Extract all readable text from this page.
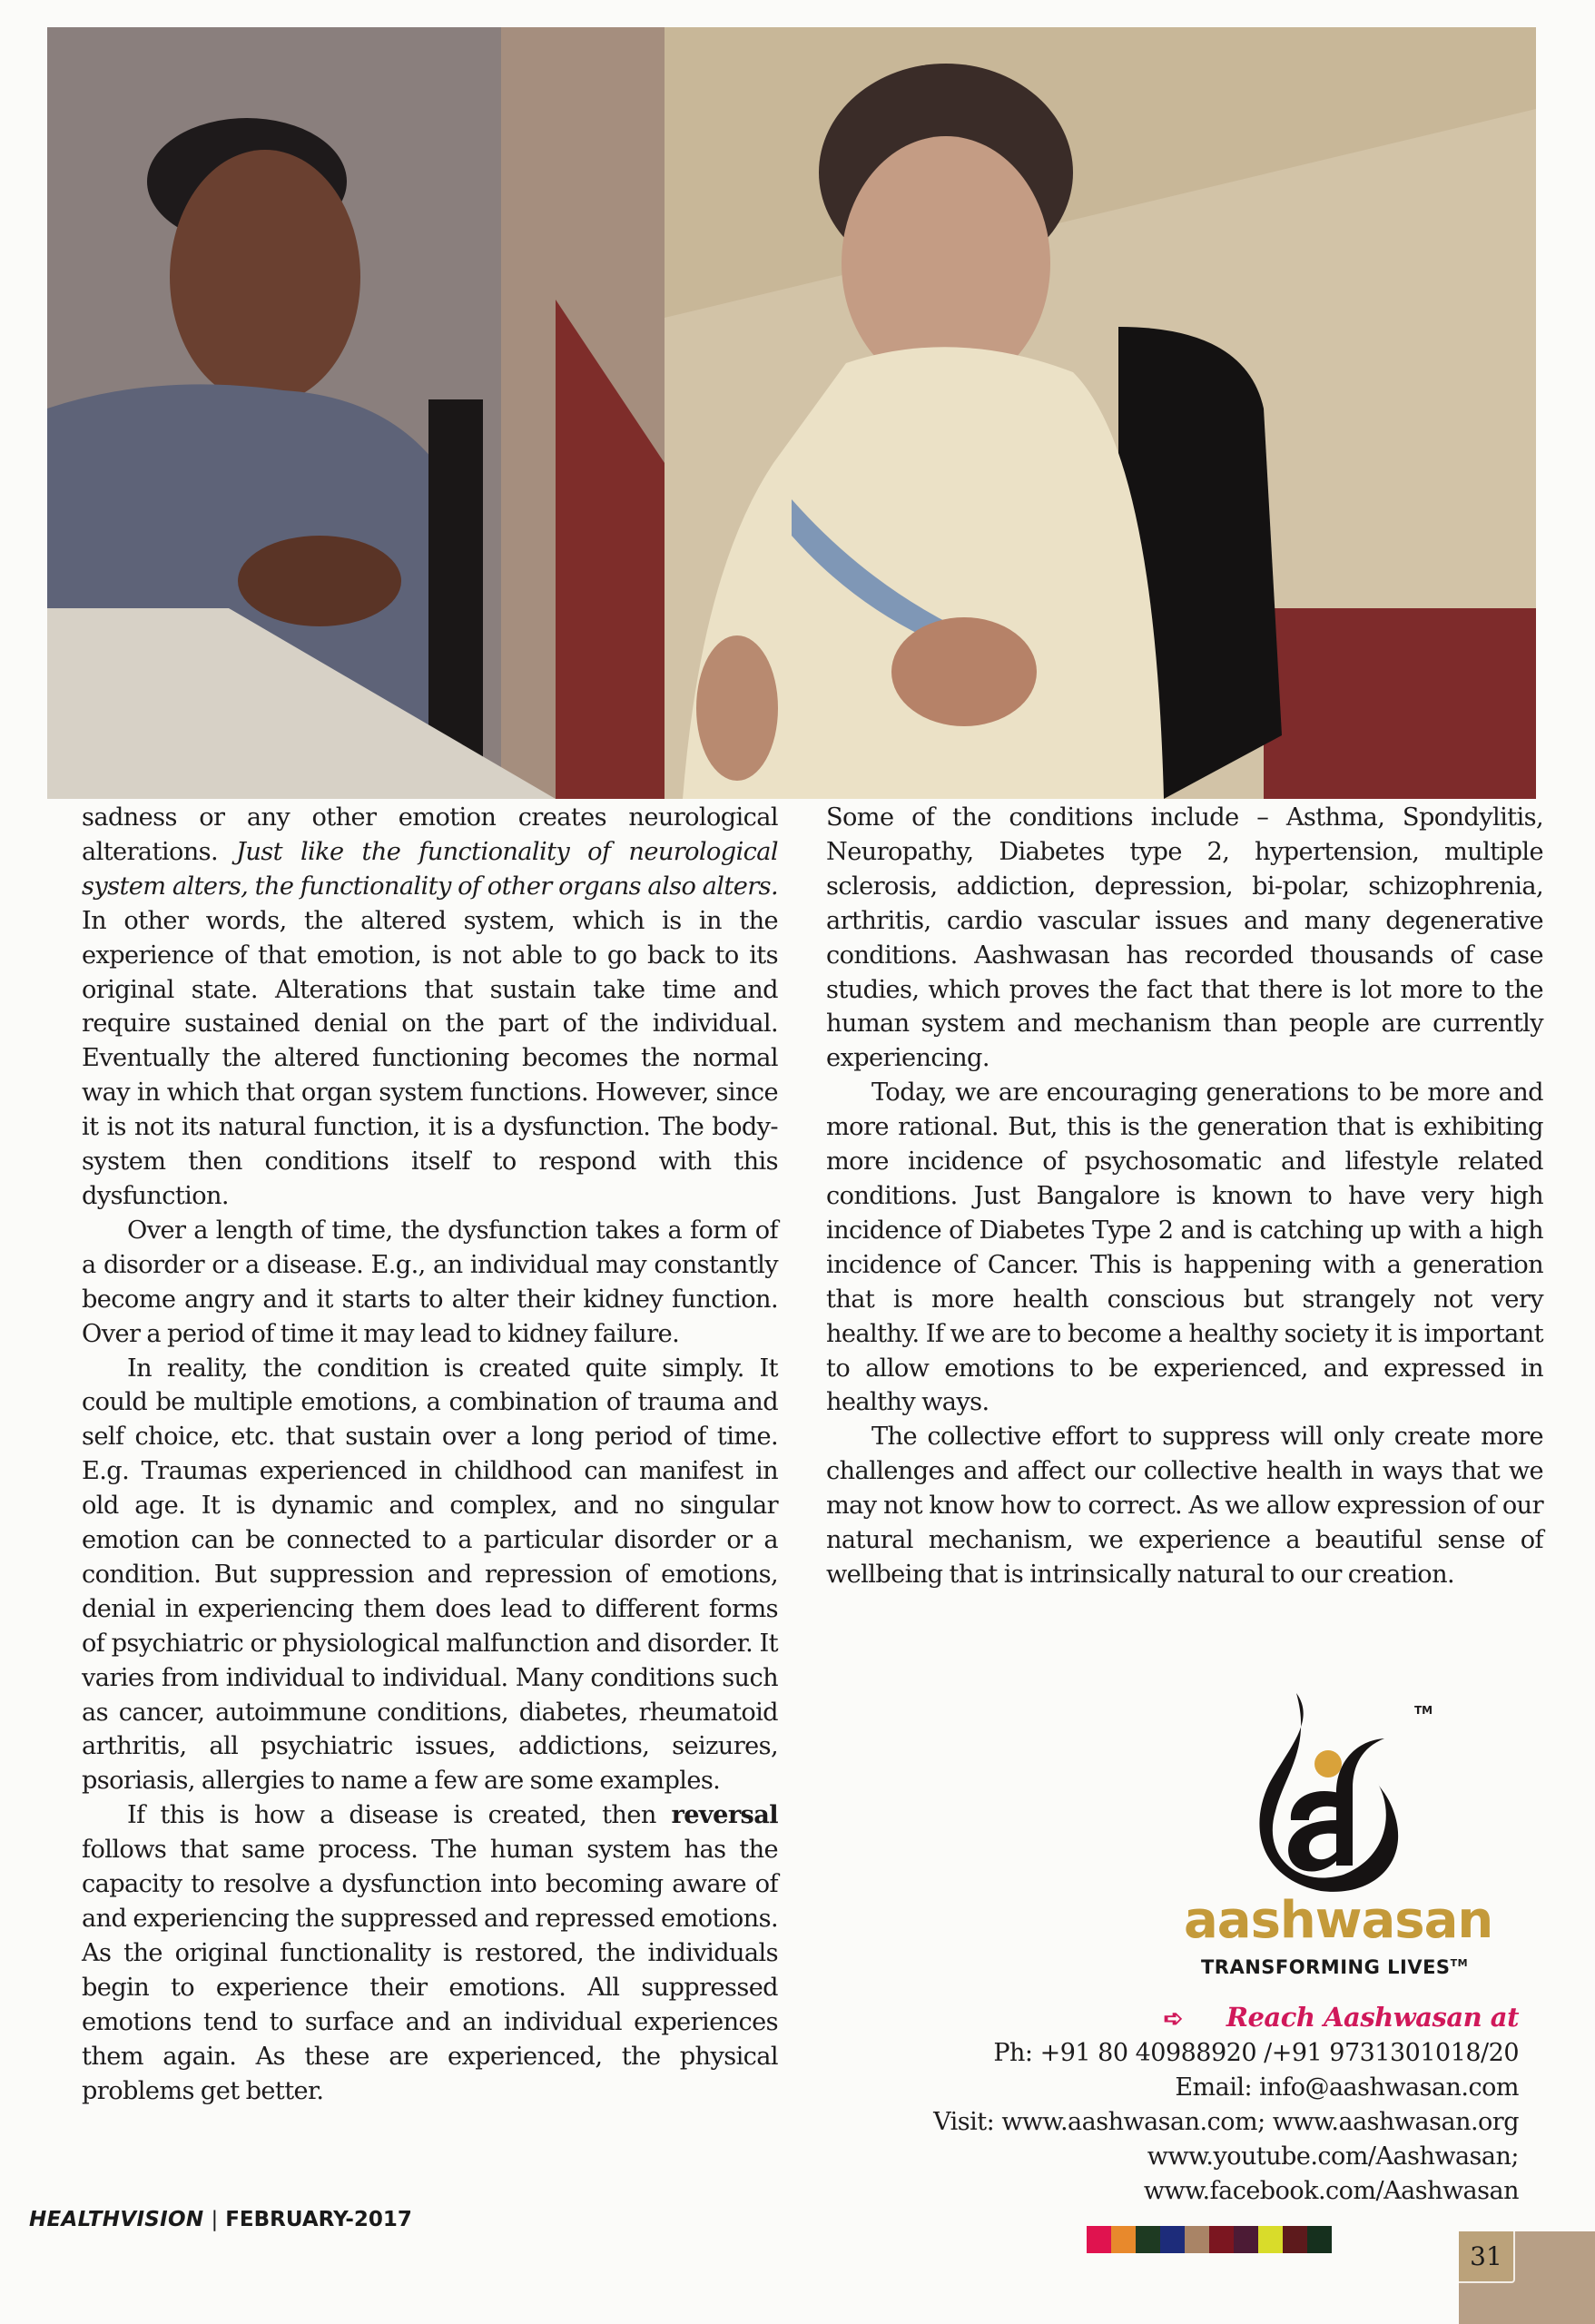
sadness or any other emotion creates neurological alterations. Just like the functionality of neurological system alters, the functionality of other organs also alters. In other words, the altered system, which is in the experience of that emotion, is not able to go back to its original state. Alterations that sustain take time and require sustained denial on the part of the individual. Eventually the altered functioning becomes the normal way in which that organ system functions. However, since it is not its natural function, it is a dysfunction. The body-system then conditions itself to respond with this dysfunction.

Over a length of time, the dysfunction takes a form of a disorder or a disease. E.g., an individual may constantly become angry and it starts to alter their kidney function. Over a period of time it may lead to kidney failure.

In reality, the condition is created quite simply. It could be multiple emotions, a combination of trauma and self choice, etc. that sustain over a long period of time. E.g. Traumas experienced in childhood can manifest in old age. It is dynamic and complex, and no singular emotion can be connected to a particular disorder or a condition. But suppression and repression of emotions, denial in experiencing them does lead to different forms of psychiatric or physiological malfunction and disorder. It varies from individual to individual. Many conditions such as cancer, autoimmune conditions, diabetes, rheumatoid arthritis, all psychiatric issues, addictions, seizures, psoriasis, allergies to name a few are some examples.

If this is how a disease is created, then reversal follows that same process. The human system has the capacity to resolve a dysfunction into becoming aware of and experiencing the suppressed and repressed emotions. As the original functionality is restored, the individuals begin to experience their emotions. All suppressed emotions tend to surface and an individual experiences them again. As these are experienced, the physical problems get better.

Some of the conditions include – Asthma, Spondylitis, Neuropathy, Diabetes type 2, hypertension, multiple sclerosis, addiction, depression, bi-polar, schizophrenia, arthritis, cardio vascular issues and many degenerative conditions. Aashwasan has recorded thousands of case studies, which proves the fact that there is lot more to the human system and mechanism than people are currently experiencing.

Today, we are encouraging generations to be more and more rational. But, this is the generation that is exhibiting more incidence of psychosomatic and lifestyle related conditions. Just Bangalore is known to have very high incidence of Diabetes Type 2 and is catching up with a high incidence of Cancer. This is happening with a generation that is more health conscious but strangely not very healthy. If we are to become a healthy society it is important to allow emotions to be experienced, and expressed in healthy ways.

The collective effort to suppress will only create more challenges and affect our collective health in ways that we may not know how to correct. As we allow expression of our natural mechanism, we experience a beautiful sense of wellbeing that is intrinsically natural to our creation.

TM
aashwasan
TRANSFORMING LIVES™
➪ Reach Aashwasan at
Ph: +91 80 40988920 /+91 9731301018/20
Email: info@aashwasan.com
Visit: www.aashwasan.com; www.aashwasan.org
www.youtube.com/Aashwasan;
www.facebook.com/Aashwasan
HEALTHVISION | FEBRUARY-2017
31
